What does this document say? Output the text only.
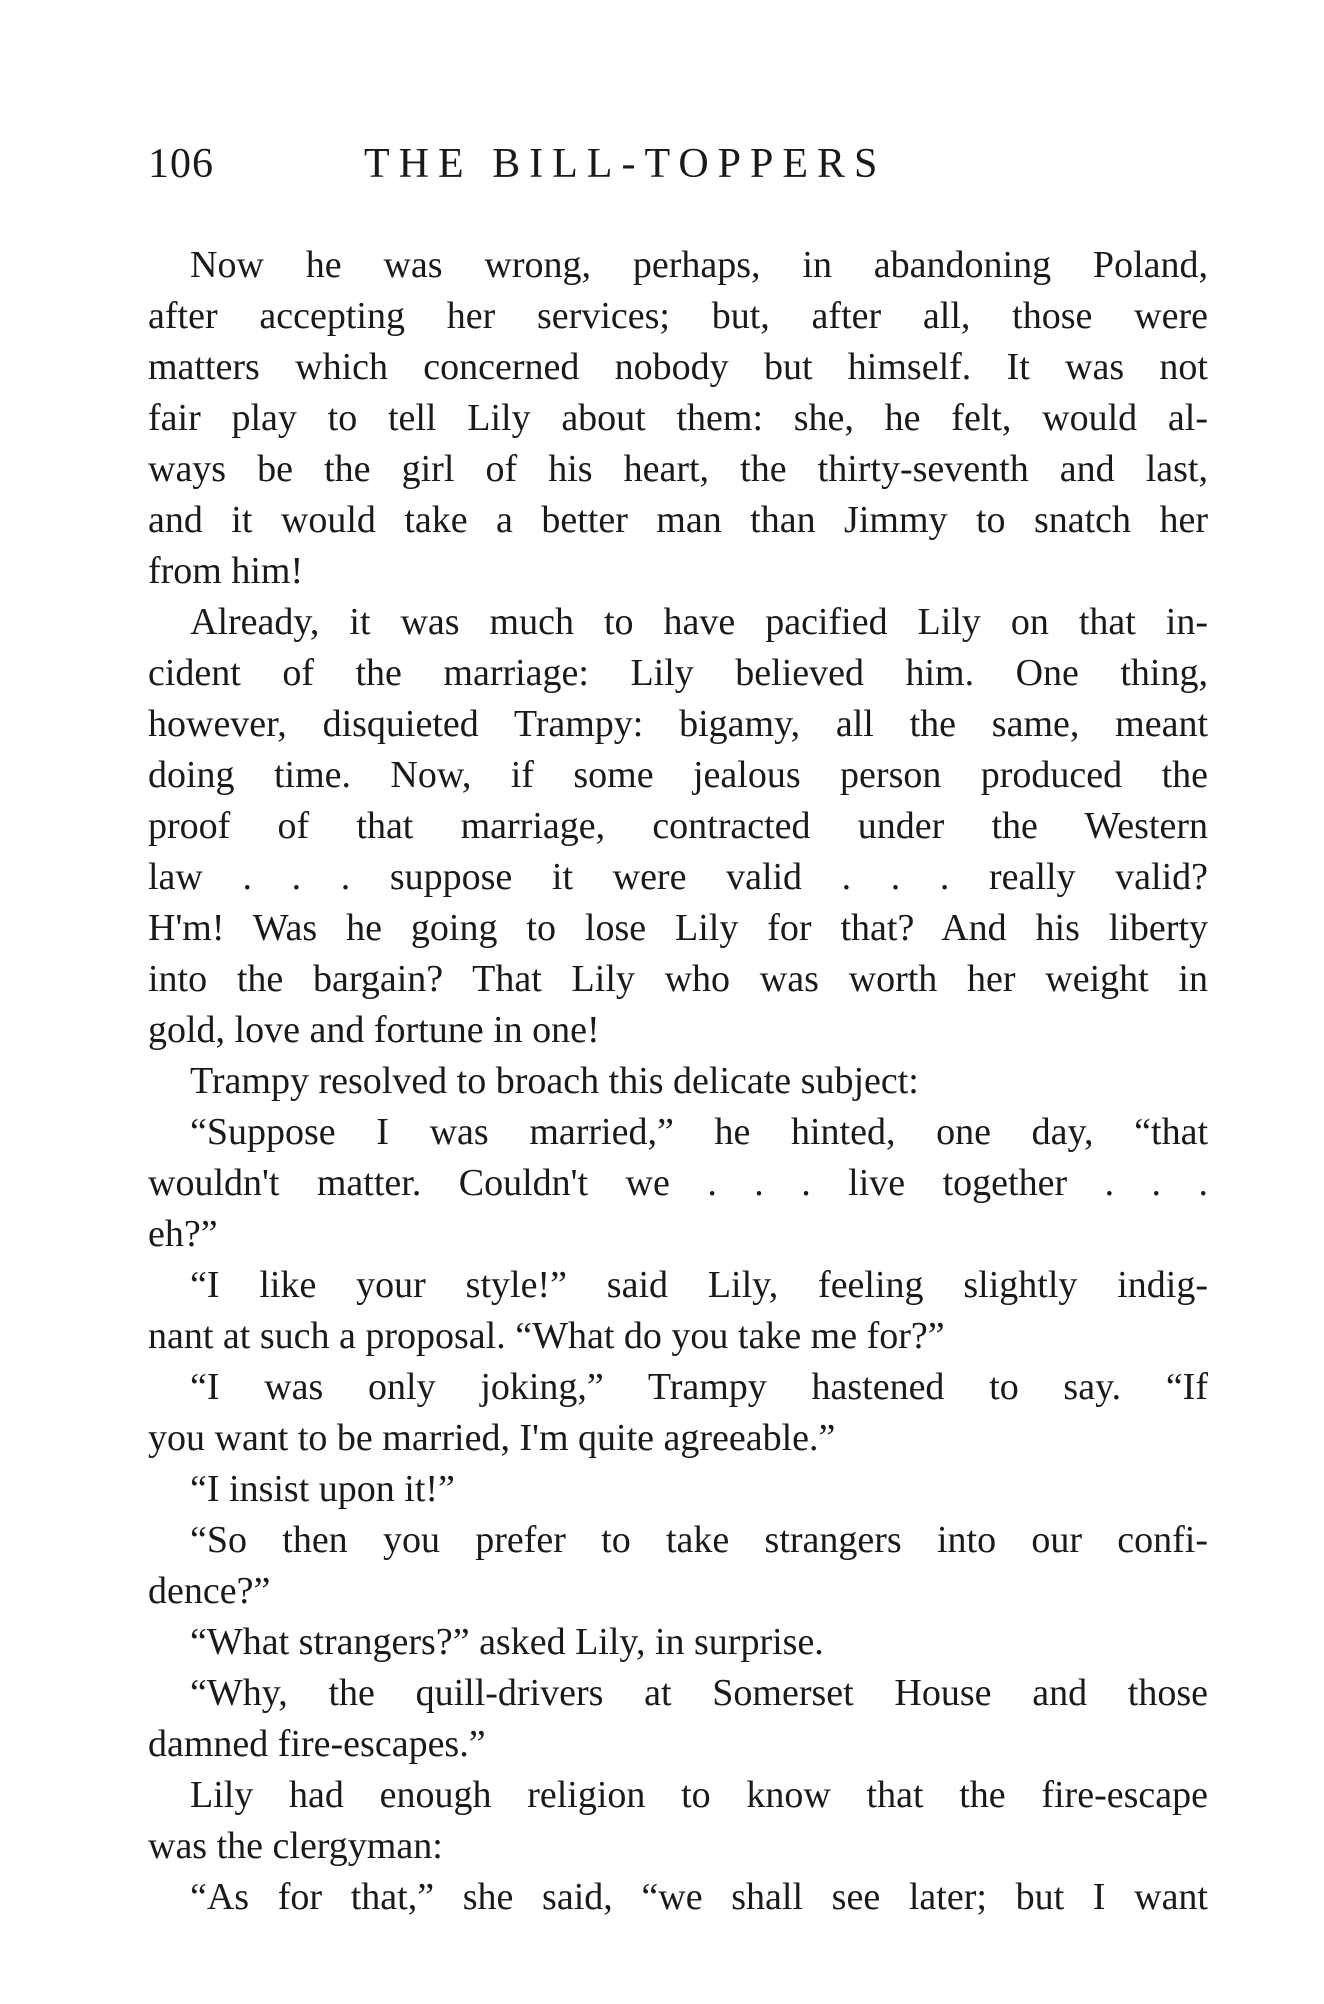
106	THE BILL-TOPPERS
Now he was wrong, perhaps, in abandoning Poland,
after accepting her services; but, after all, those were
matters which concerned nobody but himself. It was not
fair play to tell Lily about them: she, he felt, would al-
ways be the girl of his heart, the thirty-seventh and last,
and it would take a better man than Jimmy to snatch her
from him!
Already, it was much to have pacified Lily on that in-
cident of the marriage: Lily believed him. One thing,
however, disquieted Trampy: bigamy, all the same, meant
doing time. Now, if some jealous person produced the
proof of that marriage, contracted under the Western
law . . . suppose it were valid . . . really valid?
H'm! Was he going to lose Lily for that? And his liberty
into the bargain? That Lily who was worth her weight in
gold, love and fortune in one!
Trampy resolved to broach this delicate subject:
“Suppose I was married,” he hinted, one day, “that
wouldn't matter. Couldn't we . . . live together . . .
eh?”
“I like your style!” said Lily, feeling slightly indig-
nant at such a proposal. “What do you take me for?”
“I was only joking,” Trampy hastened to say. “If
you want to be married, I'm quite agreeable.”
“I insist upon it!”
“So then you prefer to take strangers into our confi-
dence?”
“What strangers?” asked Lily, in surprise.
“Why, the quill-drivers at Somerset House and those
damned fire-escapes.”
Lily had enough religion to know that the fire-escape
was the clergyman:
“As for that,” she said, “we shall see later; but I want
